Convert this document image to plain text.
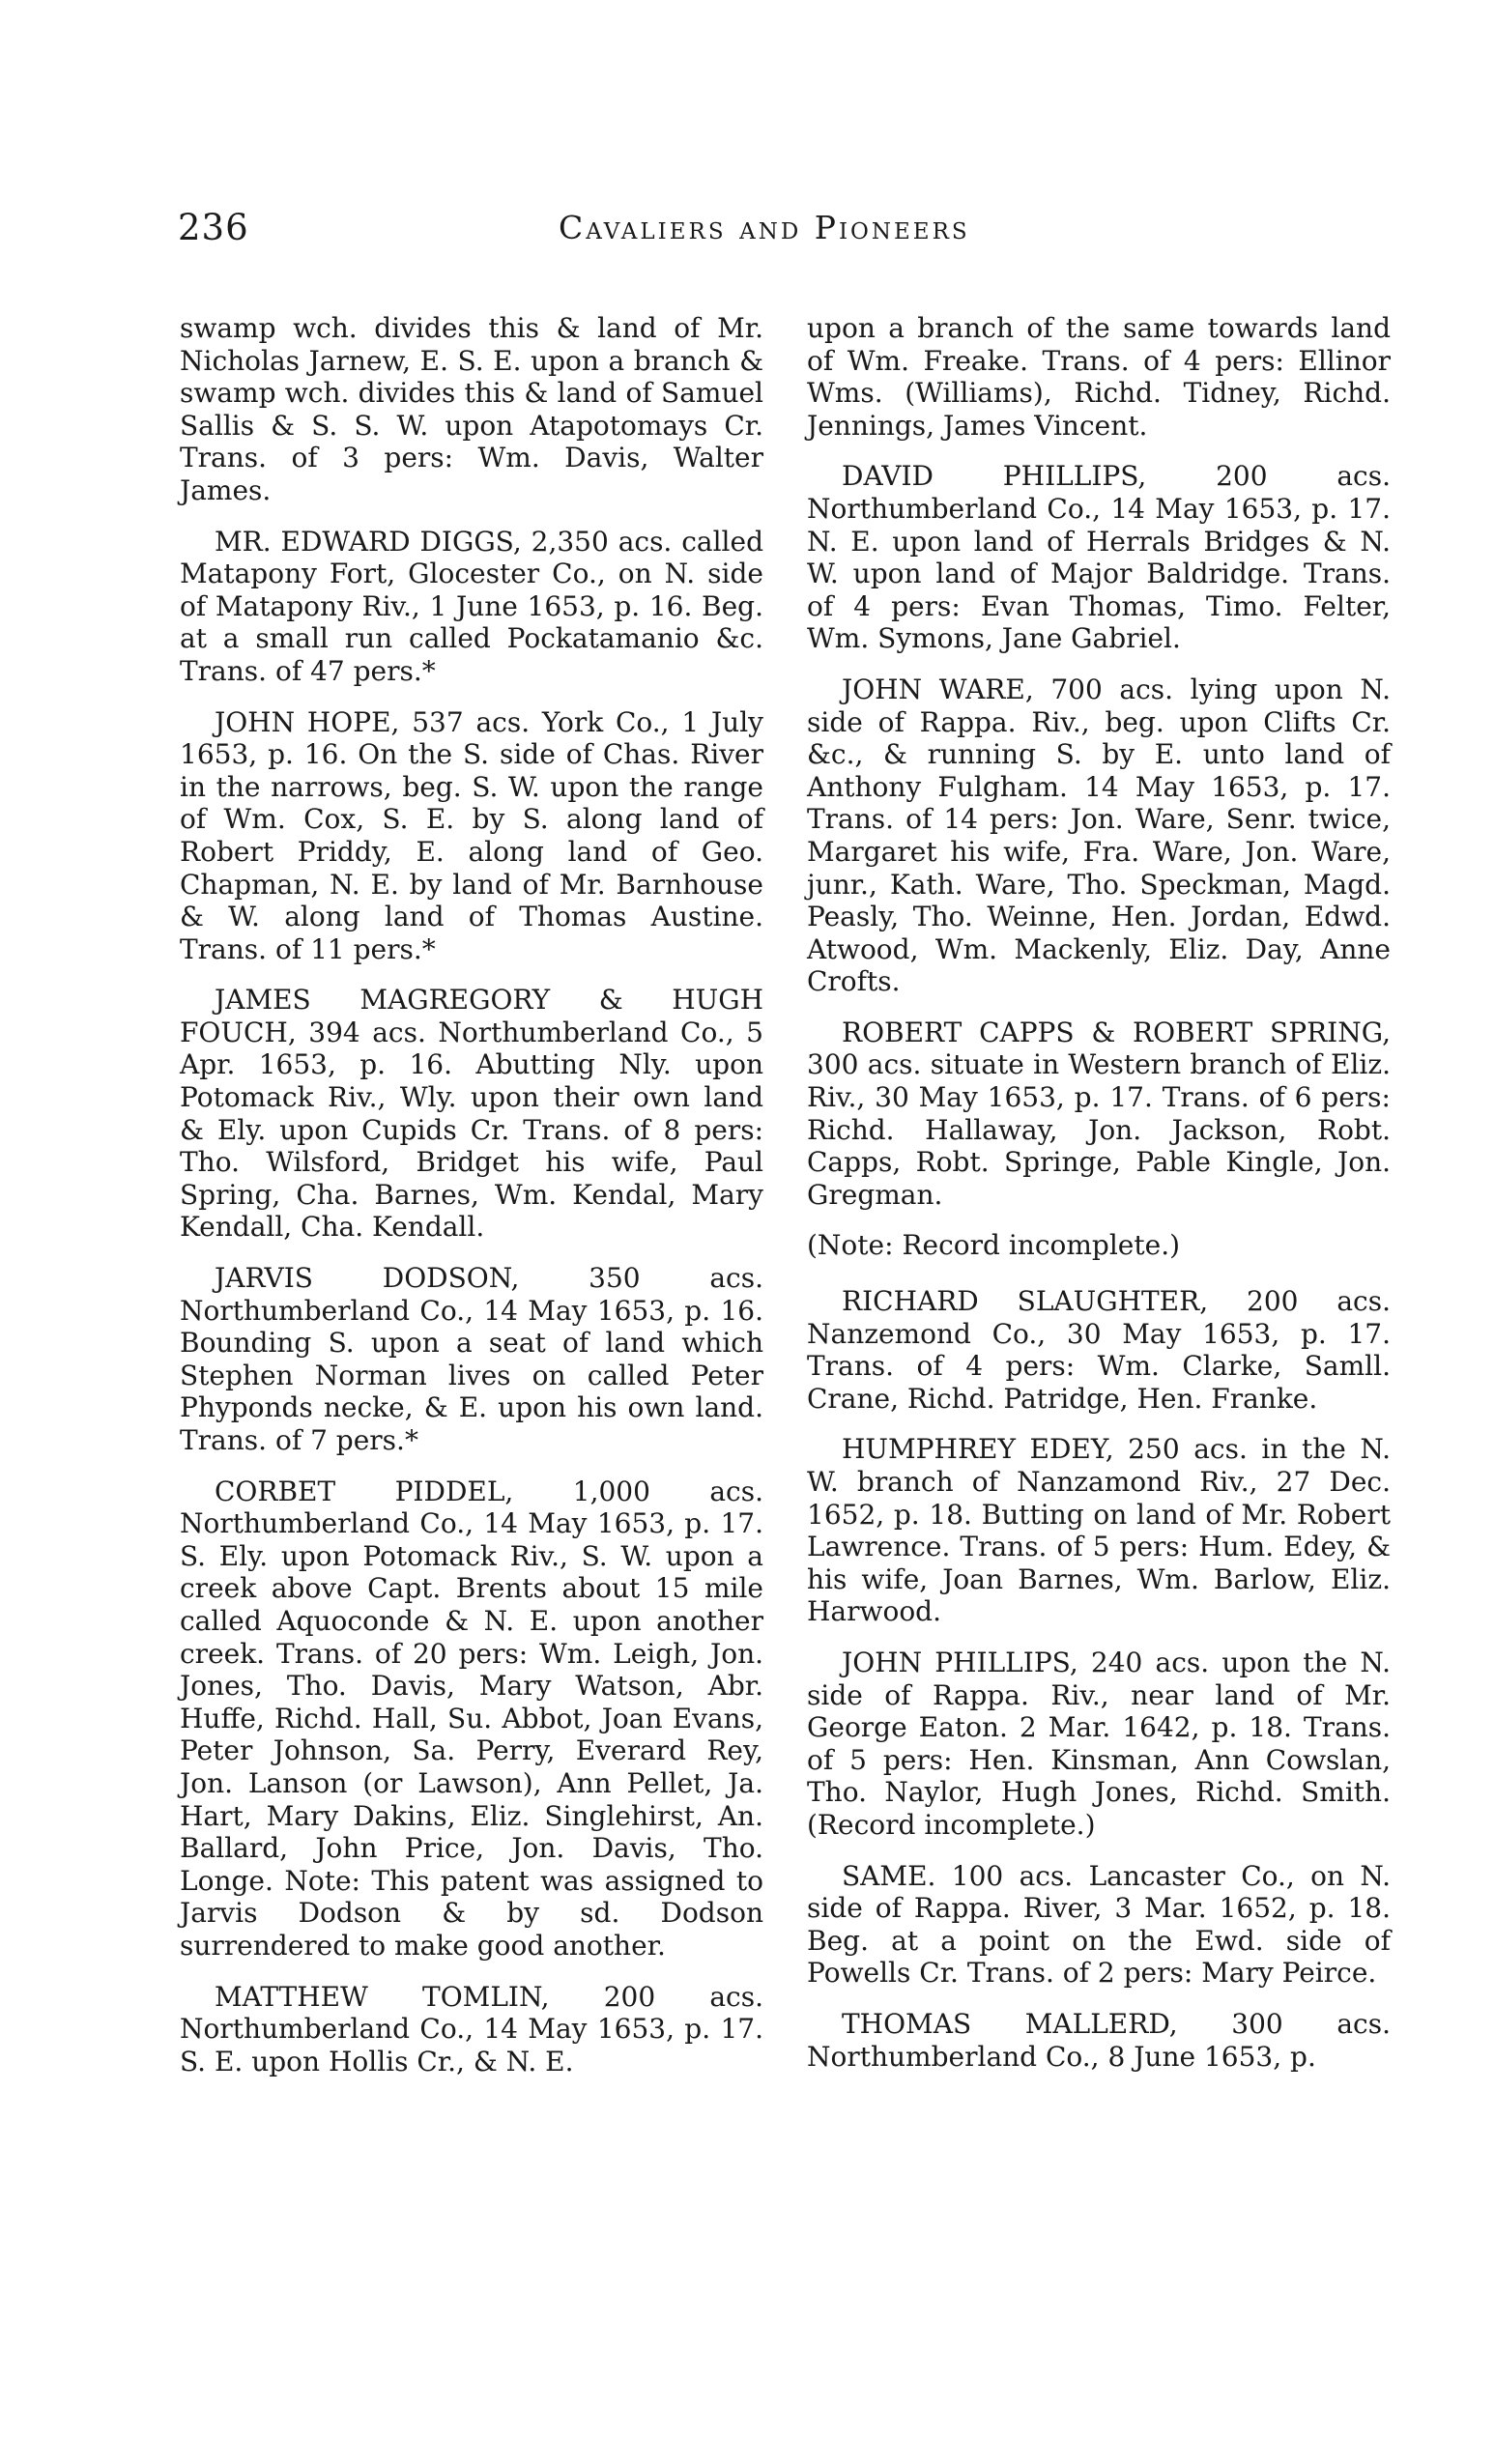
236	Cavaliers and Pioneers

swamp wch. divides this & land of Mr. Nicholas Jarnew, E. S. E. upon a branch & swamp wch. divides this & land of Samuel Sallis & S. S. W. upon Atapotomays Cr. Trans. of 3 pers: Wm. Davis, Walter James.

MR. EDWARD DIGGS, 2,350 acs. called Matapony Fort, Glocester Co., on N. side of Matapony Riv., 1 June 1653, p. 16. Beg. at a small run called Pockatamanio &c. Trans. of 47 pers.*

JOHN HOPE, 537 acs. York Co., 1 July 1653, p. 16. On the S. side of Chas. River in the narrows, beg. S. W. upon the range of Wm. Cox, S. E. by S. along land of Robert Priddy, E. along land of Geo. Chapman, N. E. by land of Mr. Barnhouse & W. along land of Thomas Austine. Trans. of 11 pers.*

JAMES MAGREGORY & HUGH FOUCH, 394 acs. Northumberland Co., 5 Apr. 1653, p. 16. Abutting Nly. upon Potomack Riv., Wly. upon their own land & Ely. upon Cupids Cr. Trans. of 8 pers: Tho. Wilsford, Bridget his wife, Paul Spring, Cha. Barnes, Wm. Kendal, Mary Kendall, Cha. Kendall.

JARVIS DODSON, 350 acs. Northumberland Co., 14 May 1653, p. 16. Bounding S. upon a seat of land which Stephen Norman lives on called Peter Phyponds necke, & E. upon his own land. Trans. of 7 pers.*

CORBET PIDDEL, 1,000 acs. Northumberland Co., 14 May 1653, p. 17. S. Ely. upon Potomack Riv., S. W. upon a creek above Capt. Brents about 15 mile called Aquoconde & N. E. upon another creek. Trans. of 20 pers: Wm. Leigh, Jon. Jones, Tho. Davis, Mary Watson, Abr. Huffe, Richd. Hall, Su. Abbot, Joan Evans, Peter Johnson, Sa. Perry, Everard Rey, Jon. Lanson (or Lawson), Ann Pellet, Ja. Hart, Mary Dakins, Eliz. Singlehirst, An. Ballard, John Price, Jon. Davis, Tho. Longe. Note: This patent was assigned to Jarvis Dodson & by sd. Dodson surrendered to make good another.

MATTHEW TOMLIN, 200 acs. Northumberland Co., 14 May 1653, p. 17. S. E. upon Hollis Cr., & N. E.

upon a branch of the same towards land of Wm. Freake. Trans. of 4 pers: Ellinor Wms. (Williams), Richd. Tidney, Richd. Jennings, James Vincent.

DAVID PHILLIPS, 200 acs. Northumberland Co., 14 May 1653, p. 17. N. E. upon land of Herrals Bridges & N. W. upon land of Major Baldridge. Trans. of 4 pers: Evan Thomas, Timo. Felter, Wm. Symons, Jane Gabriel.

JOHN WARE, 700 acs. lying upon N. side of Rappa. Riv., beg. upon Clifts Cr. &c., & running S. by E. unto land of Anthony Fulgham. 14 May 1653, p. 17. Trans. of 14 pers: Jon. Ware, Senr. twice, Margaret his wife, Fra. Ware, Jon. Ware, junr., Kath. Ware, Tho. Speckman, Magd. Peasly, Tho. Weinne, Hen. Jordan, Edwd. Atwood, Wm. Mackenly, Eliz. Day, Anne Crofts.

ROBERT CAPPS & ROBERT SPRING, 300 acs. situate in Western branch of Eliz. Riv., 30 May 1653, p. 17. Trans. of 6 pers: Richd. Hallaway, Jon. Jackson, Robt. Capps, Robt. Springe, Pable Kingle, Jon. Gregman.

(Note: Record incomplete.)

RICHARD SLAUGHTER, 200 acs. Nanzemond Co., 30 May 1653, p. 17. Trans. of 4 pers: Wm. Clarke, Samll. Crane, Richd. Patridge, Hen. Franke.

HUMPHREY EDEY, 250 acs. in the N. W. branch of Nanzamond Riv., 27 Dec. 1652, p. 18. Butting on land of Mr. Robert Lawrence. Trans. of 5 pers: Hum. Edey, & his wife, Joan Barnes, Wm. Barlow, Eliz. Harwood.

JOHN PHILLIPS, 240 acs. upon the N. side of Rappa. Riv., near land of Mr. George Eaton. 2 Mar. 1642, p. 18. Trans. of 5 pers: Hen. Kinsman, Ann Cowslan, Tho. Naylor, Hugh Jones, Richd. Smith. (Record incomplete.)

SAME. 100 acs. Lancaster Co., on N. side of Rappa. River, 3 Mar. 1652, p. 18. Beg. at a point on the Ewd. side of Powells Cr. Trans. of 2 pers: Mary Peirce.

THOMAS MALLERD, 300 acs. Northumberland Co., 8 June 1653, p.
